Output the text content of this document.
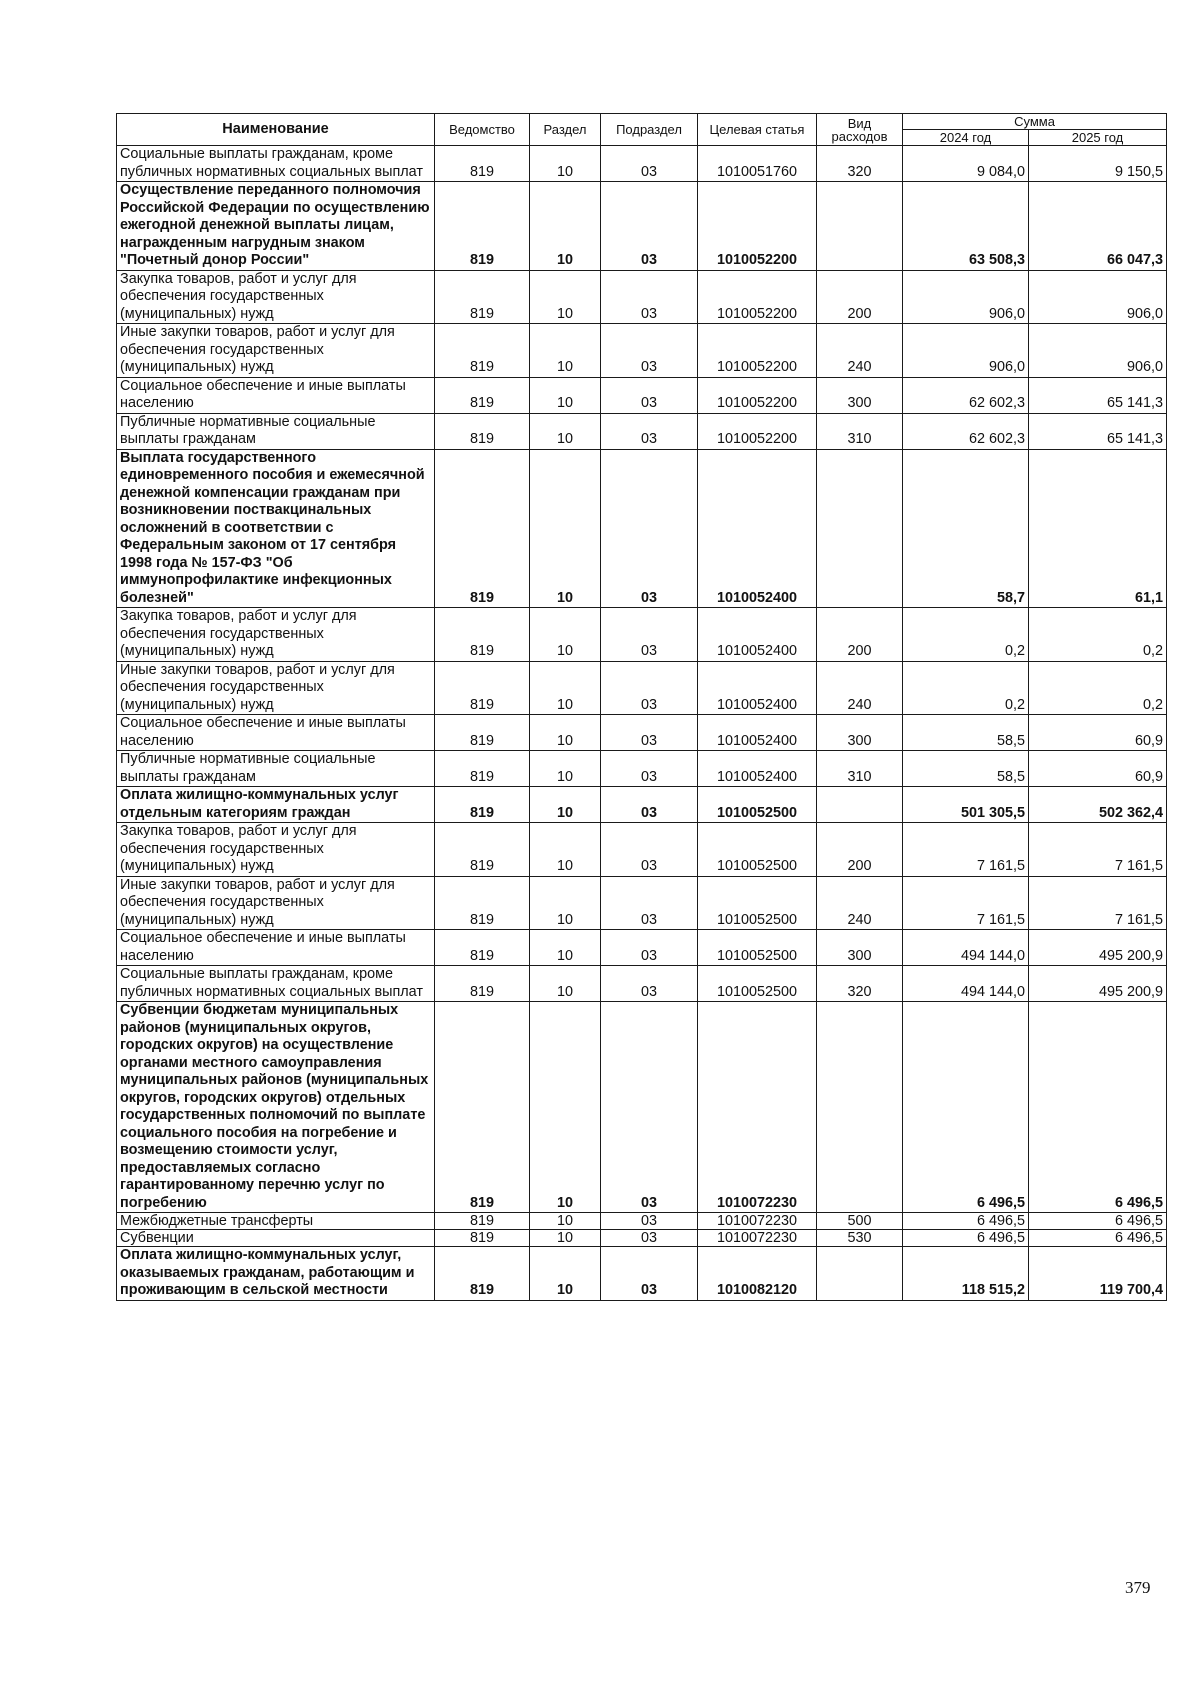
Наименование	Ведомство	Раздел	Подраздел	Целевая статья	Вид расходов	Сумма	
						2024 год	2025 год
Социальные выплаты гражданам, кроме публичных нормативных социальных выплат	819	10	03	1010051760	320	9 084,0	9 150,5
Осуществление переданного полномочия Российской Федерации по осуществлению ежегодной денежной выплаты лицам, награжденным нагрудным знаком "Почетный донор России"	819	10	03	1010052200		63 508,3	66 047,3
Закупка товаров, работ и услуг для обеспечения государственных (муниципальных) нужд	819	10	03	1010052200	200	906,0	906,0
Иные закупки товаров, работ и услуг для обеспечения государственных (муниципальных) нужд	819	10	03	1010052200	240	906,0	906,0
Социальное обеспечение и иные выплаты населению	819	10	03	1010052200	300	62 602,3	65 141,3
Публичные нормативные социальные выплаты гражданам	819	10	03	1010052200	310	62 602,3	65 141,3
Выплата государственного единовременного пособия и ежемесячной денежной компенсации гражданам при возникновении поствакцинальных осложнений в соответствии с Федеральным законом от 17 сентября 1998 года № 157-ФЗ "Об иммунопрофилактике инфекционных болезней"	819	10	03	1010052400		58,7	61,1
Закупка товаров, работ и услуг для обеспечения государственных (муниципальных) нужд	819	10	03	1010052400	200	0,2	0,2
Иные закупки товаров, работ и услуг для обеспечения государственных (муниципальных) нужд	819	10	03	1010052400	240	0,2	0,2
Социальное обеспечение и иные выплаты населению	819	10	03	1010052400	300	58,5	60,9
Публичные нормативные социальные выплаты гражданам	819	10	03	1010052400	310	58,5	60,9
Оплата жилищно-коммунальных услуг отдельным категориям граждан	819	10	03	1010052500		501 305,5	502 362,4
Закупка товаров, работ и услуг для обеспечения государственных (муниципальных) нужд	819	10	03	1010052500	200	7 161,5	7 161,5
Иные закупки товаров, работ и услуг для обеспечения государственных (муниципальных) нужд	819	10	03	1010052500	240	7 161,5	7 161,5
Социальное обеспечение и иные выплаты населению	819	10	03	1010052500	300	494 144,0	495 200,9
Социальные выплаты гражданам, кроме публичных нормативных социальных выплат	819	10	03	1010052500	320	494 144,0	495 200,9
Субвенции бюджетам муниципальных районов (муниципальных округов, городских округов) на осуществление органами местного самоуправления муниципальных районов (муниципальных округов, городских округов) отдельных государственных полномочий по выплате социального пособия на погребение и возмещению стоимости услуг, предоставляемых согласно гарантированному перечню услуг по погребению	819	10	03	1010072230		6 496,5	6 496,5
Межбюджетные трансферты	819	10	03	1010072230	500	6 496,5	6 496,5
Субвенции	819	10	03	1010072230	530	6 496,5	6 496,5
Оплата жилищно-коммунальных услуг, оказываемых гражданам, работающим и проживающим в сельской местности	819	10	03	1010082120		118 515,2	119 700,4
379
